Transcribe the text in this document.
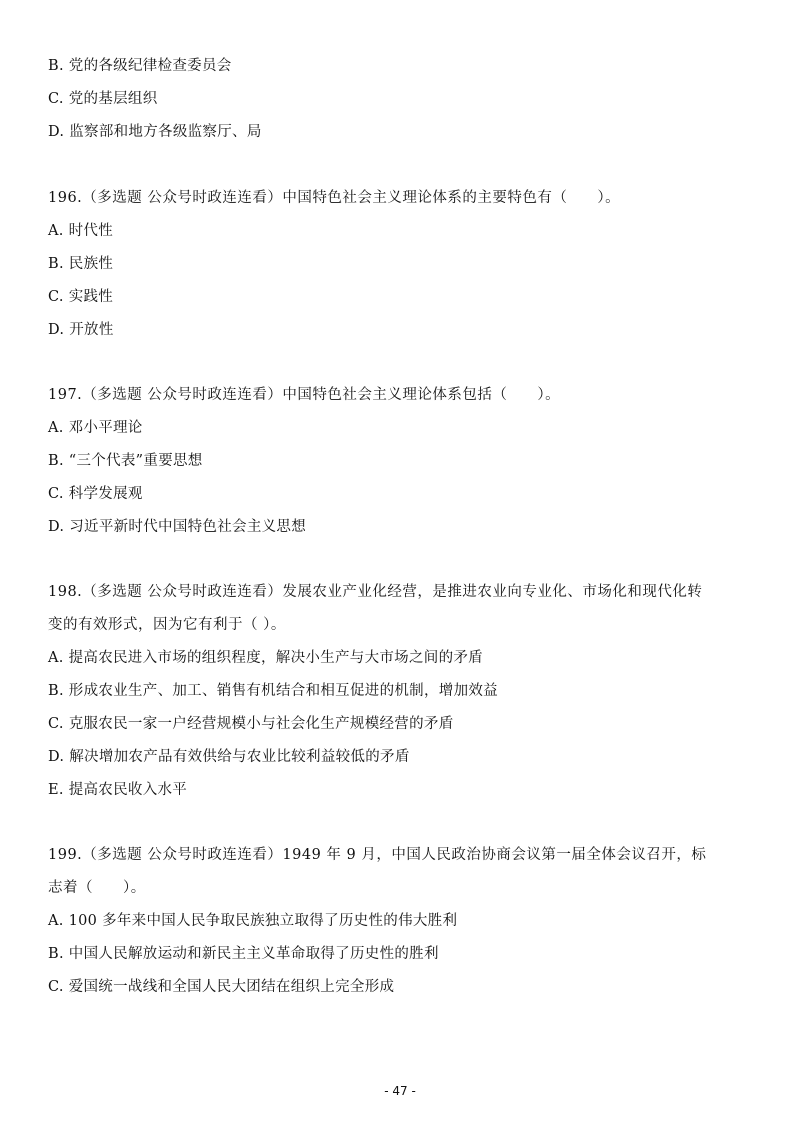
B. 党的各级纪律检查委员会
C. 党的基层组织
D. 监察部和地方各级监察厅、局
196.（多选题 公众号时政连连看）中国特色社会主义理论体系的主要特色有（　　）。
A. 时代性
B. 民族性
C. 实践性
D. 开放性
197.（多选题 公众号时政连连看）中国特色社会主义理论体系包括（　　）。
A. 邓小平理论
B. “三个代表”重要思想
C. 科学发展观
D. 习近平新时代中国特色社会主义思想
198.（多选题 公众号时政连连看）发展农业产业化经营，是推进农业向专业化、市场化和现代化转
变的有效形式，因为它有利于（ ）。
A. 提高农民进入市场的组织程度，解决小生产与大市场之间的矛盾
B. 形成农业生产、加工、销售有机结合和相互促进的机制，增加效益
C. 克服农民一家一户经营规模小与社会化生产规模经营的矛盾
D. 解决增加农产品有效供给与农业比较利益较低的矛盾
E. 提高农民收入水平
199.（多选题 公众号时政连连看）1949 年 9 月，中国人民政治协商会议第一届全体会议召开，标
志着（　　）。
A. 100 多年来中国人民争取民族独立取得了历史性的伟大胜利
B. 中国人民解放运动和新民主主义革命取得了历史性的胜利
C. 爱国统一战线和全国人民大团结在组织上完全形成
- 47 -
